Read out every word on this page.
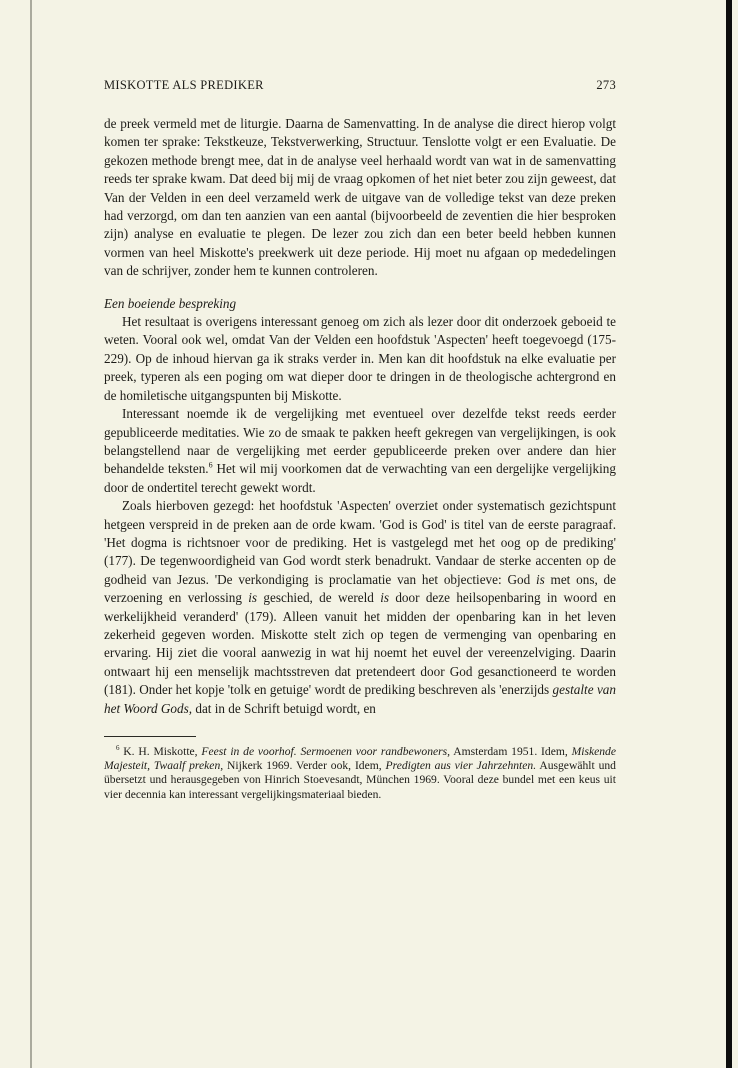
MISKOTTE ALS PREDIKER	273

de preek vermeld met de liturgie. Daarna de Samenvatting. In de analyse die direct hierop volgt komen ter sprake: Tekstkeuze, Tekstverwerking, Structuur. Tenslotte volgt er een Evaluatie. De gekozen methode brengt mee, dat in de analyse veel herhaald wordt van wat in de samenvatting reeds ter sprake kwam. Dat deed bij mij de vraag opkomen of het niet beter zou zijn geweest, dat Van der Velden in een deel verzameld werk de uitgave van de volledige tekst van deze preken had verzorgd, om dan ten aanzien van een aantal (bijvoorbeeld de zeventien die hier besproken zijn) analyse en evaluatie te plegen. De lezer zou zich dan een beter beeld hebben kunnen vormen van heel Miskotte's preekwerk uit deze periode. Hij moet nu afgaan op mededelingen van de schrijver, zonder hem te kunnen controleren.

Een boeiende bespreking

Het resultaat is overigens interessant genoeg om zich als lezer door dit onderzoek geboeid te weten. Vooral ook wel, omdat Van der Velden een hoofdstuk 'Aspecten' heeft toegevoegd (175-229). Op de inhoud hiervan ga ik straks verder in. Men kan dit hoofdstuk na elke evaluatie per preek, typeren als een poging om wat dieper door te dringen in de theologische achtergrond en de homiletische uitgangspunten bij Miskotte.

Interessant noemde ik de vergelijking met eventueel over dezelfde tekst reeds eerder gepubliceerde meditaties. Wie zo de smaak te pakken heeft gekregen van vergelijkingen, is ook belangstellend naar de vergelijking met eerder gepubliceerde preken over andere dan hier behandelde teksten.$^6$ Het wil mij voorkomen dat de verwachting van een dergelijke vergelijking door de ondertitel terecht gewekt wordt.

Zoals hierboven gezegd: het hoofdstuk 'Aspecten' overziet onder systematisch gezichtspunt hetgeen verspreid in de preken aan de orde kwam. 'God is God' is titel van de eerste paragraaf. 'Het dogma is richtsnoer voor de prediking. Het is vastgelegd met het oog op de prediking' (177). De tegenwoordigheid van God wordt sterk benadrukt. Vandaar de sterke accenten op de godheid van Jezus. 'De verkondiging is proclamatie van het objectieve: God is met ons, de verzoening en verlossing is geschied, de wereld is door deze heilsopenbaring in woord en werkelijkheid veranderd' (179). Alleen vanuit het midden der openbaring kan in het leven zekerheid gegeven worden. Miskotte stelt zich op tegen de vermenging van openbaring en ervaring. Hij ziet die vooral aanwezig in wat hij noemt het euvel der vereenzelviging. Daarin ontwaart hij een menselijk machtsstreven dat pretendeert door God gesanctioneerd te worden (181). Onder het kopje 'tolk en getuige' wordt de prediking beschreven als 'enerzijds gestalte van het Woord Gods, dat in de Schrift betuigd wordt, en

$^6$ K. H. Miskotte, Feest in de voorhof. Sermoenen voor randbewoners, Amsterdam 1951. Idem, Miskende Majesteit, Twaalf preken, Nijkerk 1969. Verder ook, Idem, Predigten aus vier Jahrzehnten. Ausgewählt und übersetzt und herausgegeben von Hinrich Stoevesandt, München 1969. Vooral deze bundel met een keus uit vier decennia kan interessant vergelijkingsmateriaal bieden.
